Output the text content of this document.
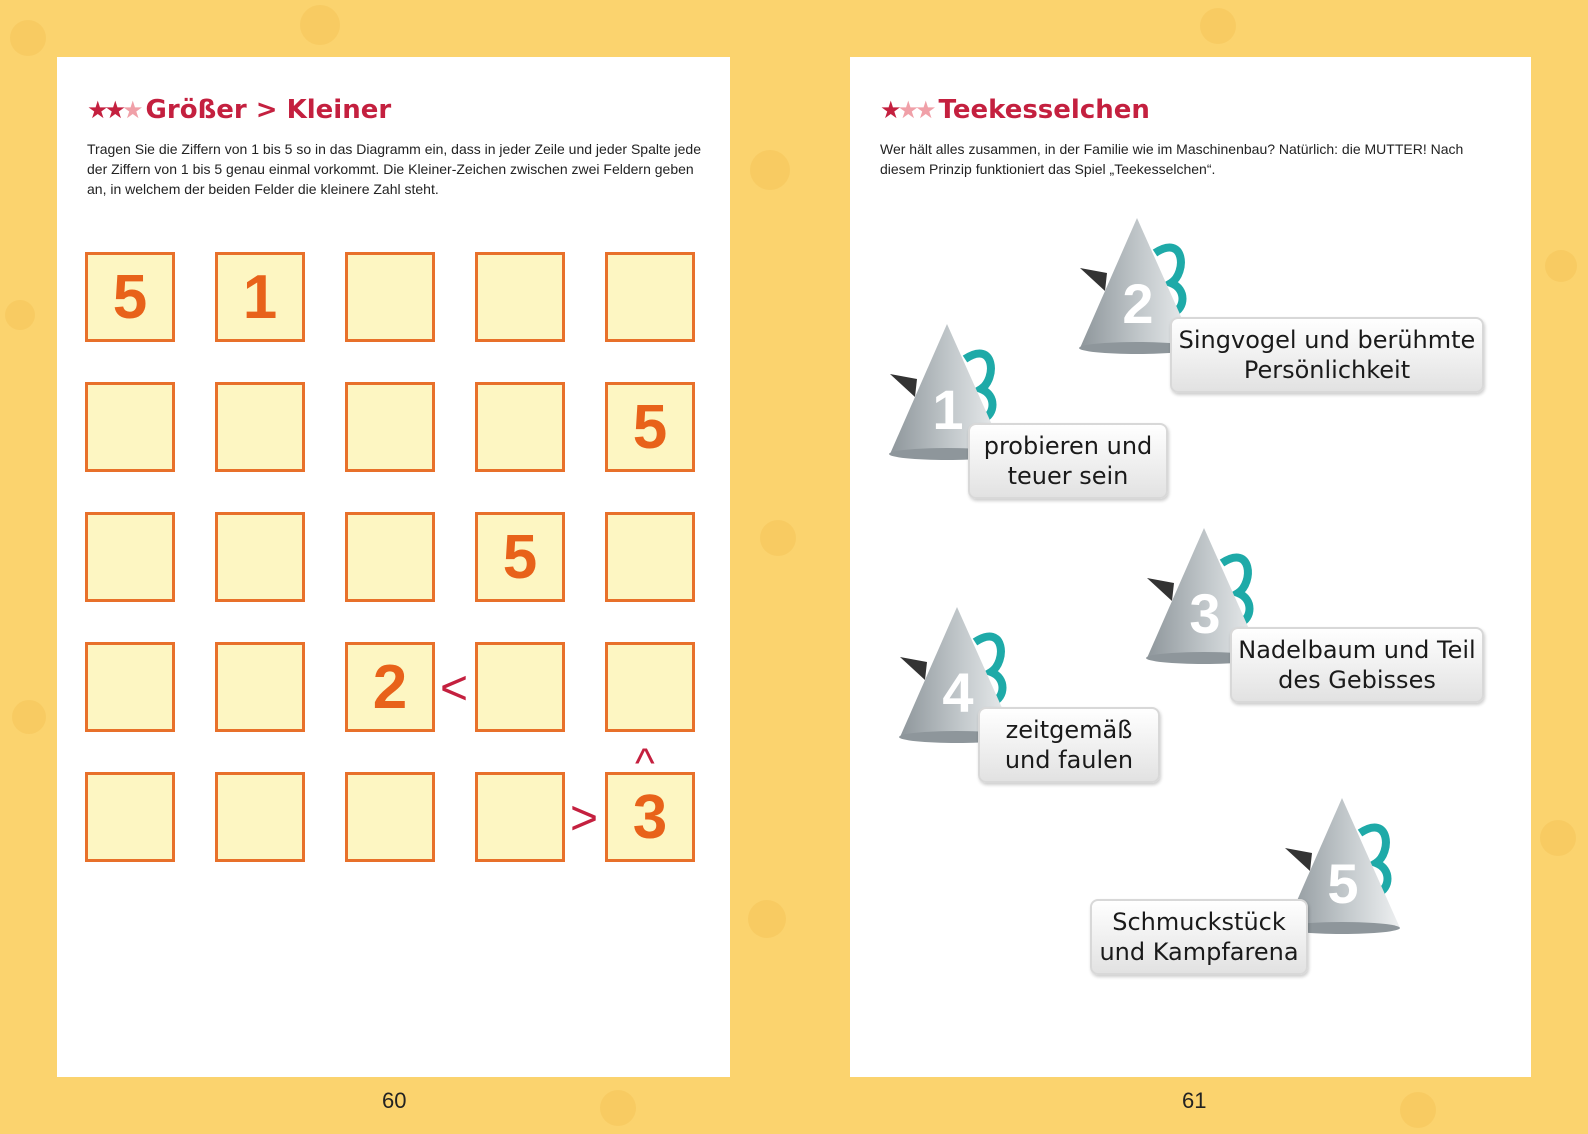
★ ★ ★ Größer > Kleiner
Tragen Sie die Ziffern von 1 bis 5 so in das Diagramm ein, dass in jeder Zeile und jeder Spalte jede der Ziffern von 1 bis 5 genau einmal vorkommt. Die Kleiner-Zeichen zwischen zwei Feldern geben an, in welchem der beiden Felder die kleinere Zahl steht.
5	1
5
5
2
3
<
^
>
60
★ ★ ★ Teekesselchen
Wer hält alles zusammen, in der Familie wie im Maschinenbau? Natürlich: die MUTTER! Nach diesem Prinzip funktioniert das Spiel „Teekesselchen“.
1
probieren und teuer sein
2
Singvogel und berühmte Persönlichkeit
3
Nadelbaum und Teil des Gebisses
4
zeitgemäß und faulen
5
Schmuckstück und Kampfarena
61
